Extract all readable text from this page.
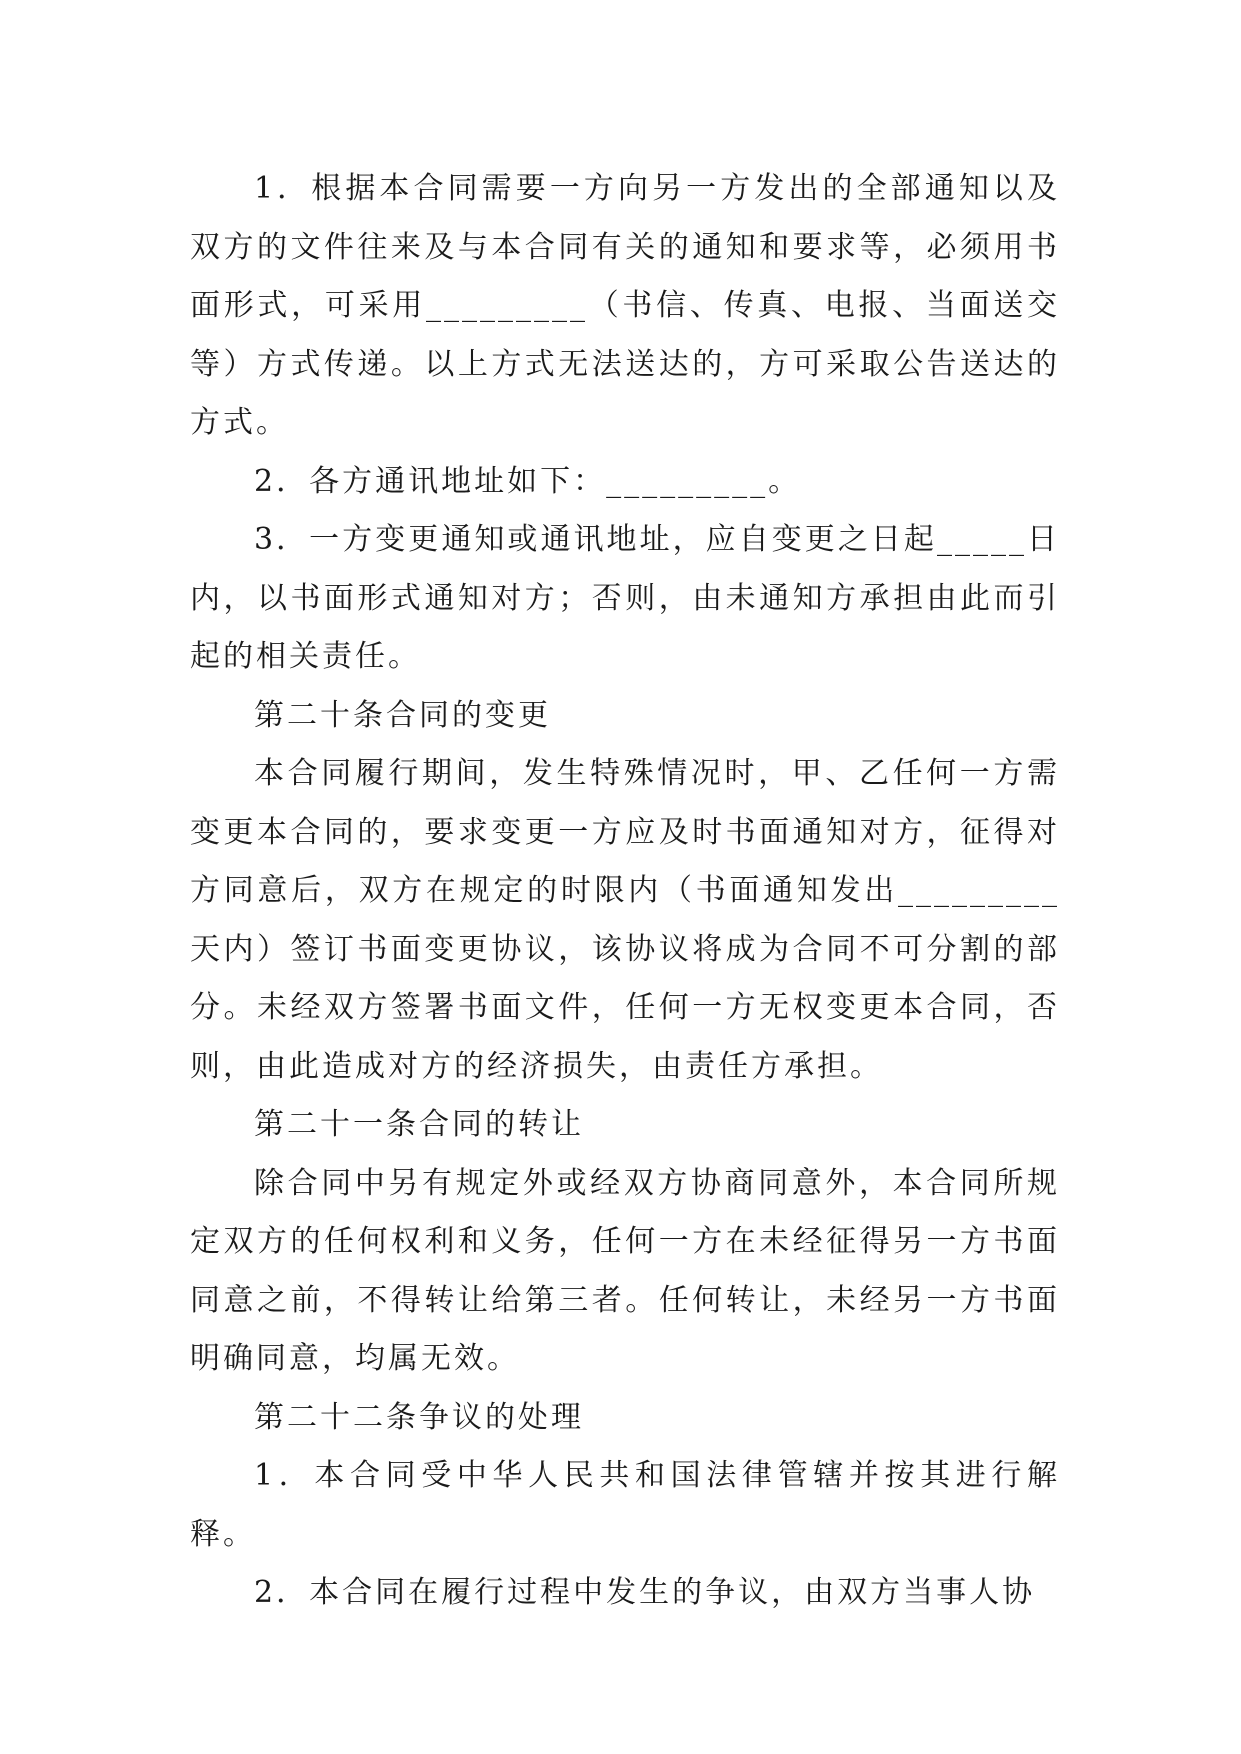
1．根据本合同需要一方向另一方发出的全部通知以及双方的文件往来及与本合同有关的通知和要求等，必须用书面形式，可采用_________（书信、传真、电报、当面送交等）方式传递。以上方式无法送达的，方可采取公告送达的方式。

2．各方通讯地址如下：_________。

3．一方变更通知或通讯地址，应自变更之日起_____日内，以书面形式通知对方；否则，由未通知方承担由此而引起的相关责任。

第二十条合同的变更

本合同履行期间，发生特殊情况时，甲、乙任何一方需变更本合同的，要求变更一方应及时书面通知对方，征得对方同意后，双方在规定的时限内（书面通知发出_________天内）签订书面变更协议，该协议将成为合同不可分割的部分。未经双方签署书面文件，任何一方无权变更本合同，否则，由此造成对方的经济损失，由责任方承担。

第二十一条合同的转让

除合同中另有规定外或经双方协商同意外，本合同所规定双方的任何权利和义务，任何一方在未经征得另一方书面同意之前，不得转让给第三者。任何转让，未经另一方书面明确同意，均属无效。

第二十二条争议的处理

1．本合同受中华人民共和国法律管辖并按其进行解释。

2．本合同在履行过程中发生的争议，由双方当事人协
